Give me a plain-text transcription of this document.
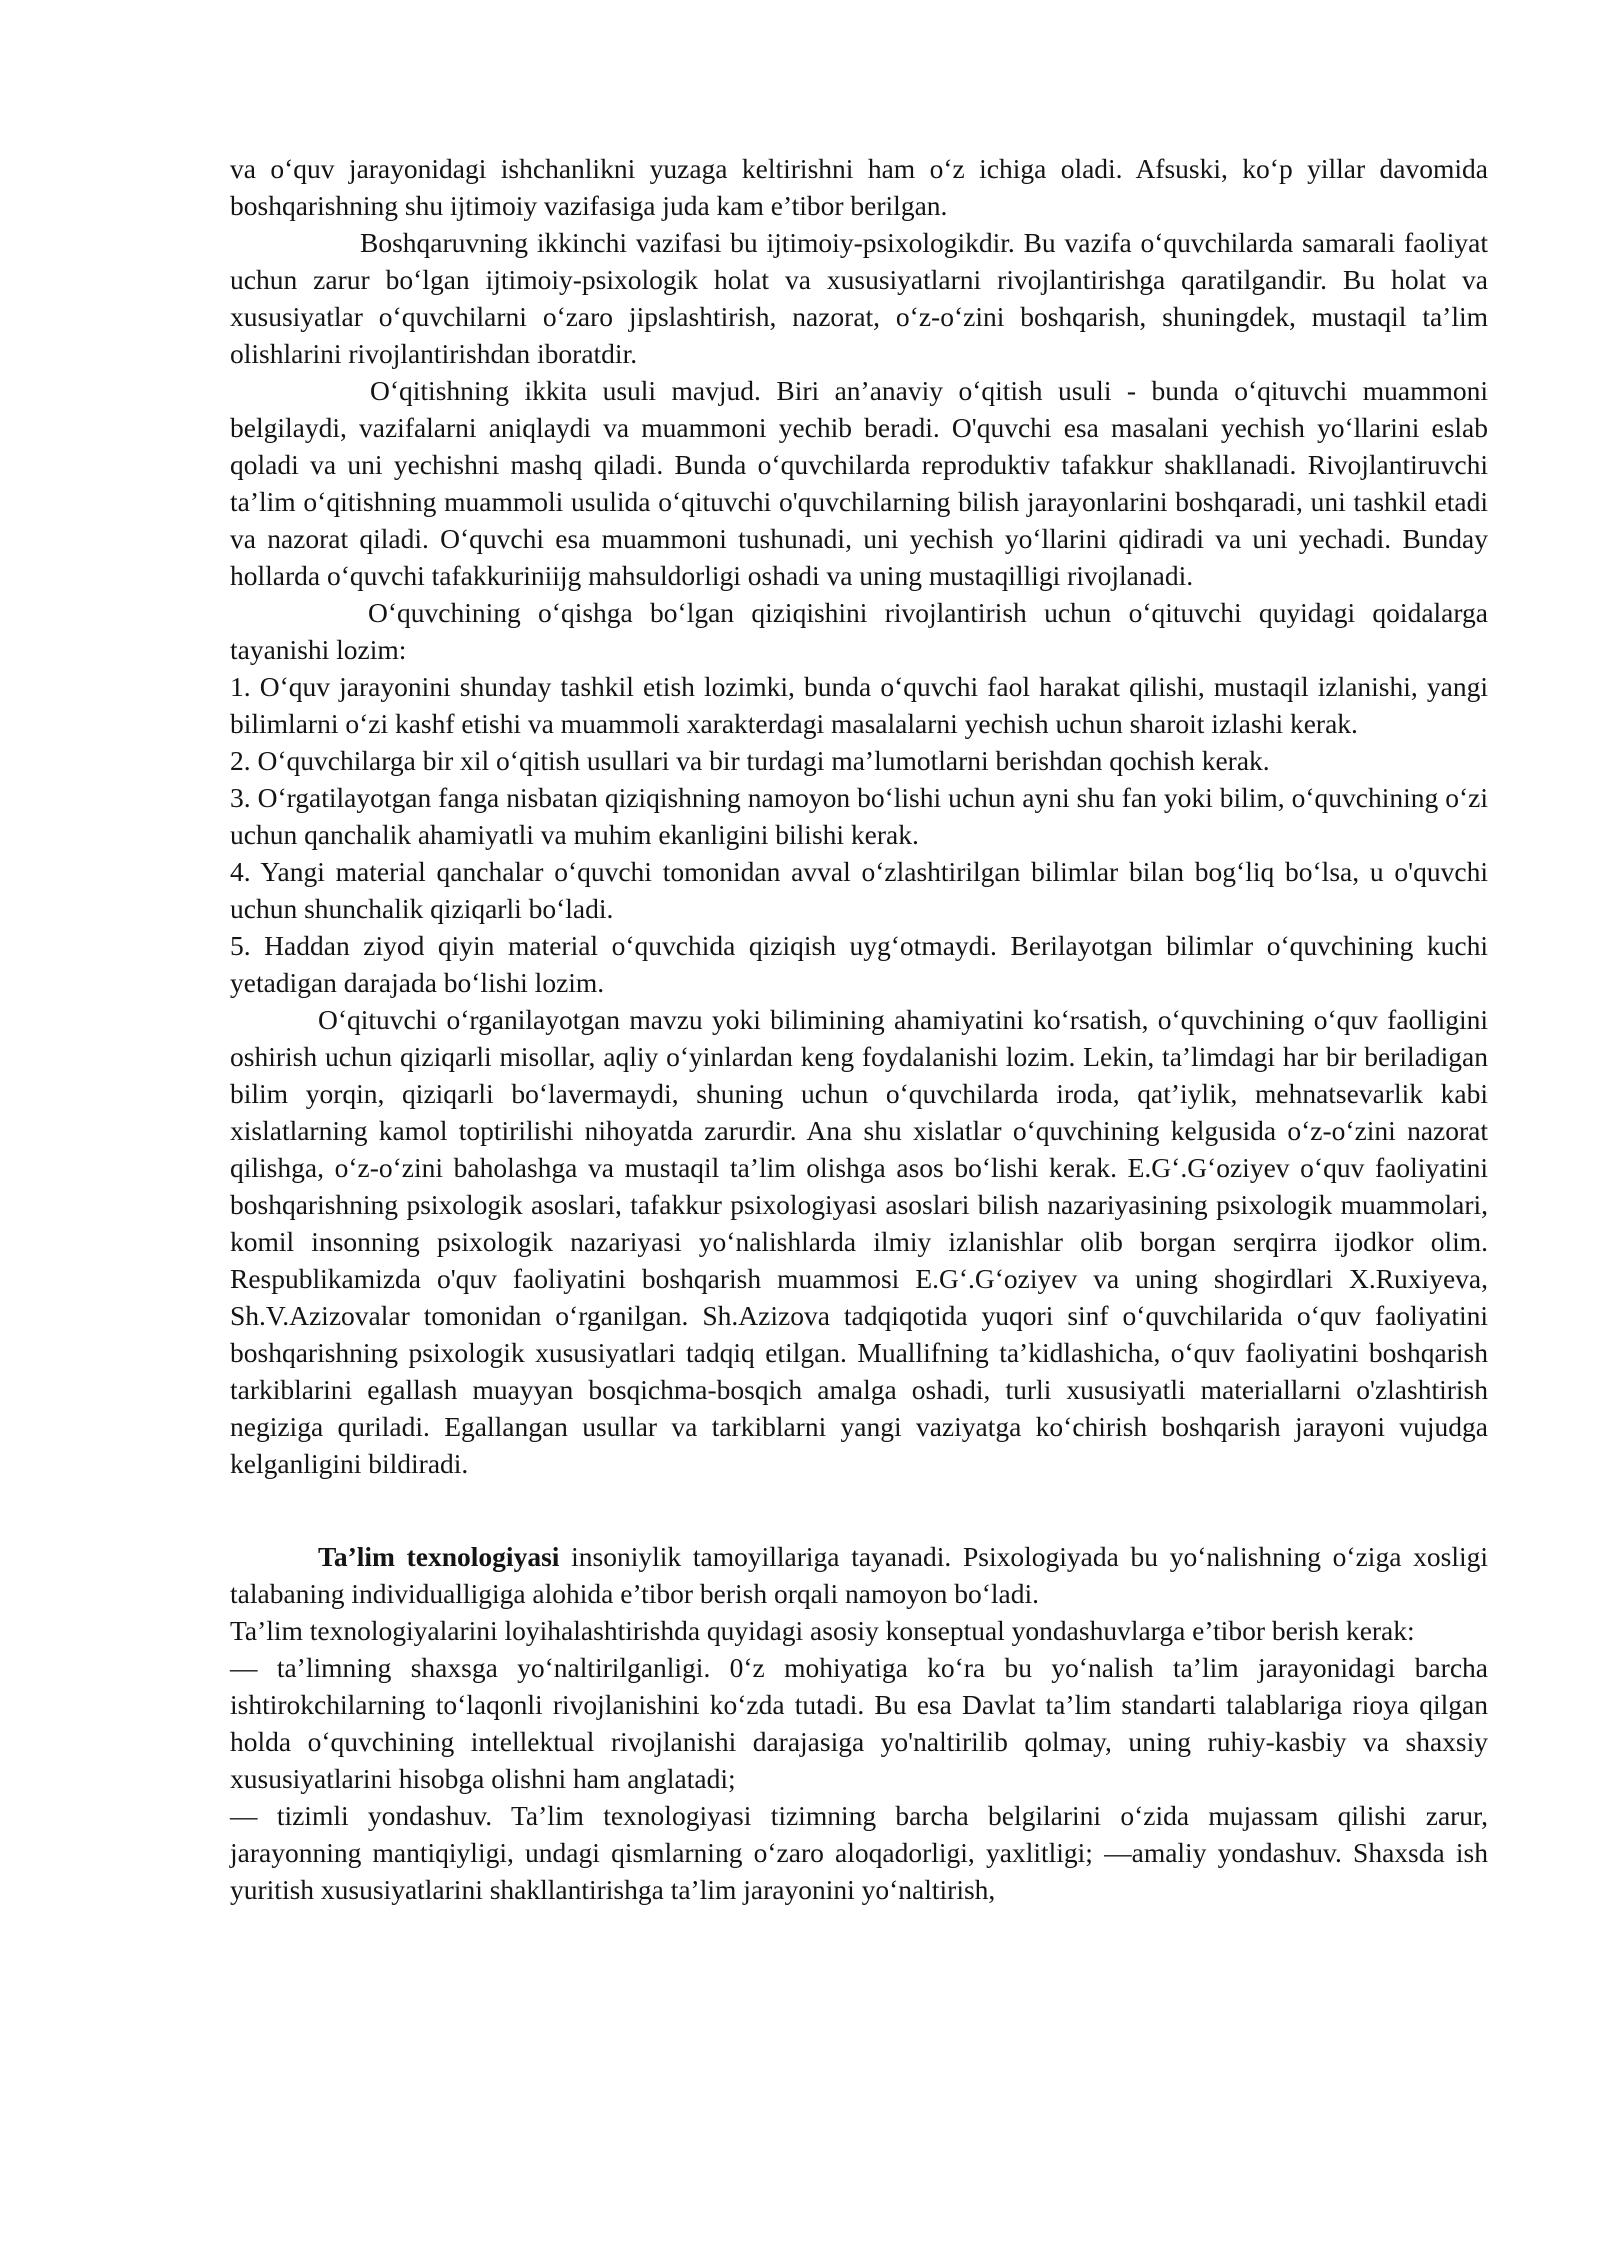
va oʻquv jarayonidagi ishchanlikni yuzaga keltirishni ham oʻz ichiga oladi. Afsuski, koʻp yillar davomida boshqarishning shu ijtimoiy vazifasiga juda kam e’tibor berilgan.

Boshqaruvning ikkinchi vazifasi bu ijtimoiy-psixologikdir. Bu vazifa oʻquvchilarda samarali faoliyat uchun zarur boʻlgan ijtimoiy-psixologik holat va xususiyatlarni rivojlantirishga qaratilgandir. Bu holat va xususiyatlar oʻquvchilarni oʻzaro jipslashtirish, nazorat, oʻz-oʻzini boshqarish, shuningdek, mustaqil ta’lim olishlarini rivojlantirishdan iboratdir.

Oʻqitishning ikkita usuli mavjud. Biri an’anaviy oʻqitish usuli - bunda oʻqituvchi muammoni belgilaydi, vazifalarni aniqlaydi va muammoni yechib beradi. O'quvchi esa masalani yechish yoʻllarini eslab qoladi va uni yechishni mashq qiladi. Bunda oʻquvchilarda reproduktiv tafakkur shakllanadi. Rivojlantiruvchi ta’lim oʻqitishning muammoli usulida oʻqituvchi o'quvchilarning bilish jarayonlarini boshqaradi, uni tashkil etadi va nazorat qiladi. Oʻquvchi esa muammoni tushunadi, uni yechish yoʻllarini qidiradi va uni yechadi. Bunday hollarda oʻquvchi tafakkuriniijg mahsuldorligi oshadi va uning mustaqilligi rivojlanadi.

Oʻquvchining oʻqishga boʻlgan qiziqishini rivojlantirish uchun oʻqituvchi quyidagi qoidalarga tayanishi lozim:

1. Oʻquv jarayonini shunday tashkil etish lozimki, bunda oʻquvchi faol harakat qilishi, mustaqil izlanishi, yangi bilimlarni oʻzi kashf etishi va muammoli xarakterdagi masalalarni yechish uchun sharoit izlashi kerak.

2. Oʻquvchilarga bir xil oʻqitish usullari va bir turdagi ma’lumotlarni berishdan qochish kerak.

3. Oʻrgatilayotgan fanga nisbatan qiziqishning namoyon boʻlishi uchun ayni shu fan yoki bilim, oʻquvchining oʻzi uchun qanchalik ahamiyatli va muhim ekanligini bilishi kerak.

4. Yangi material qanchalar oʻquvchi tomonidan avval oʻzlashtirilgan bilimlar bilan bogʻliq boʻlsa, u o'quvchi uchun shunchalik qiziqarli boʻladi.

5. Haddan ziyod qiyin material oʻquvchida qiziqish uygʻotmaydi. Berilayotgan bilimlar oʻquvchining kuchi yetadigan darajada boʻlishi lozim.

Oʻqituvchi oʻrganilayotgan mavzu yoki bilimining ahamiyatini koʻrsatish, oʻquvchining oʻquv faolligini oshirish uchun qiziqarli misollar, aqliy oʻyinlardan keng foydalanishi lozim. Lekin, ta’limdagi har bir beriladigan bilim yorqin, qiziqarli boʻlavermaydi, shuning uchun oʻquvchilarda iroda, qat’iylik, mehnatsevarlik kabi xislatlarning kamol toptirilishi nihoyatda zarurdir. Ana shu xislatlar oʻquvchining kelgusida oʻz-oʻzini nazorat qilishga, oʻz-oʻzini baholashga va mustaqil ta’lim olishga asos boʻlishi kerak. E.Gʻ.Gʻoziyev oʻquv faoliyatini boshqarishning psixologik asoslari, tafakkur psixologiyasi asoslari bilish nazariyasining psixologik muammolari, komil insonning psixologik nazariyasi yoʻnalishlarda ilmiy izlanishlar olib borgan serqirra ijodkor olim. Respublikamizda o'quv faoliyatini boshqarish muammosi E.Gʻ.Gʻoziyev va uning shogirdlari X.Ruxiyeva, Sh.V.Azizovalar tomonidan oʻrganilgan. Sh.Azizova tadqiqotida yuqori sinf oʻquvchilarida oʻquv faoliyatini boshqarishning psixologik xususiyatlari tadqiq etilgan. Muallifning ta’kidlashicha, oʻquv faoliyatini boshqarish tarkiblarini egallash muayyan bosqichma-bosqich amalga oshadi, turli xususiyatli materiallarni o'zlashtirish negiziga quriladi. Egallangan usullar va tarkiblarni yangi vaziyatga koʻchirish boshqarish jarayoni vujudga kelganligini bildiradi.

Ta’lim texnologiyasi insoniylik tamoyillariga tayanadi. Psixologiyada bu yoʻnalishning oʻziga xosligi talabaning individualligiga alohida e’tibor berish orqali namoyon boʻladi.

Ta’lim texnologiyalarini loyihalashtirishda quyidagi asosiy konseptual yondashuvlarga e’tibor berish kerak:

— ta’limning shaxsga yoʻnaltirilganligi. 0ʻz mohiyatiga koʻra bu yoʻnalish ta’lim jarayonidagi barcha ishtirokchilarning toʻlaqonli rivojlanishini koʻzda tutadi. Bu esa Davlat ta’lim standarti talablariga rioya qilgan holda oʻquvchining intellektual rivojlanishi darajasiga yo'naltirilib qolmay, uning ruhiy-kasbiy va shaxsiy xususiyatlarini hisobga olishni ham anglatadi;

— tizimli yondashuv. Ta’lim texnologiyasi tizimning barcha belgilarini oʻzida mujassam qilishi zarur, jarayonning mantiqiyligi, undagi qismlarning oʻzaro aloqadorligi, yaxlitligi; —amaliy yondashuv. Shaxsda ish yuritish xususiyatlarini shakllantirishga ta’lim jarayonini yoʻnaltirish,
